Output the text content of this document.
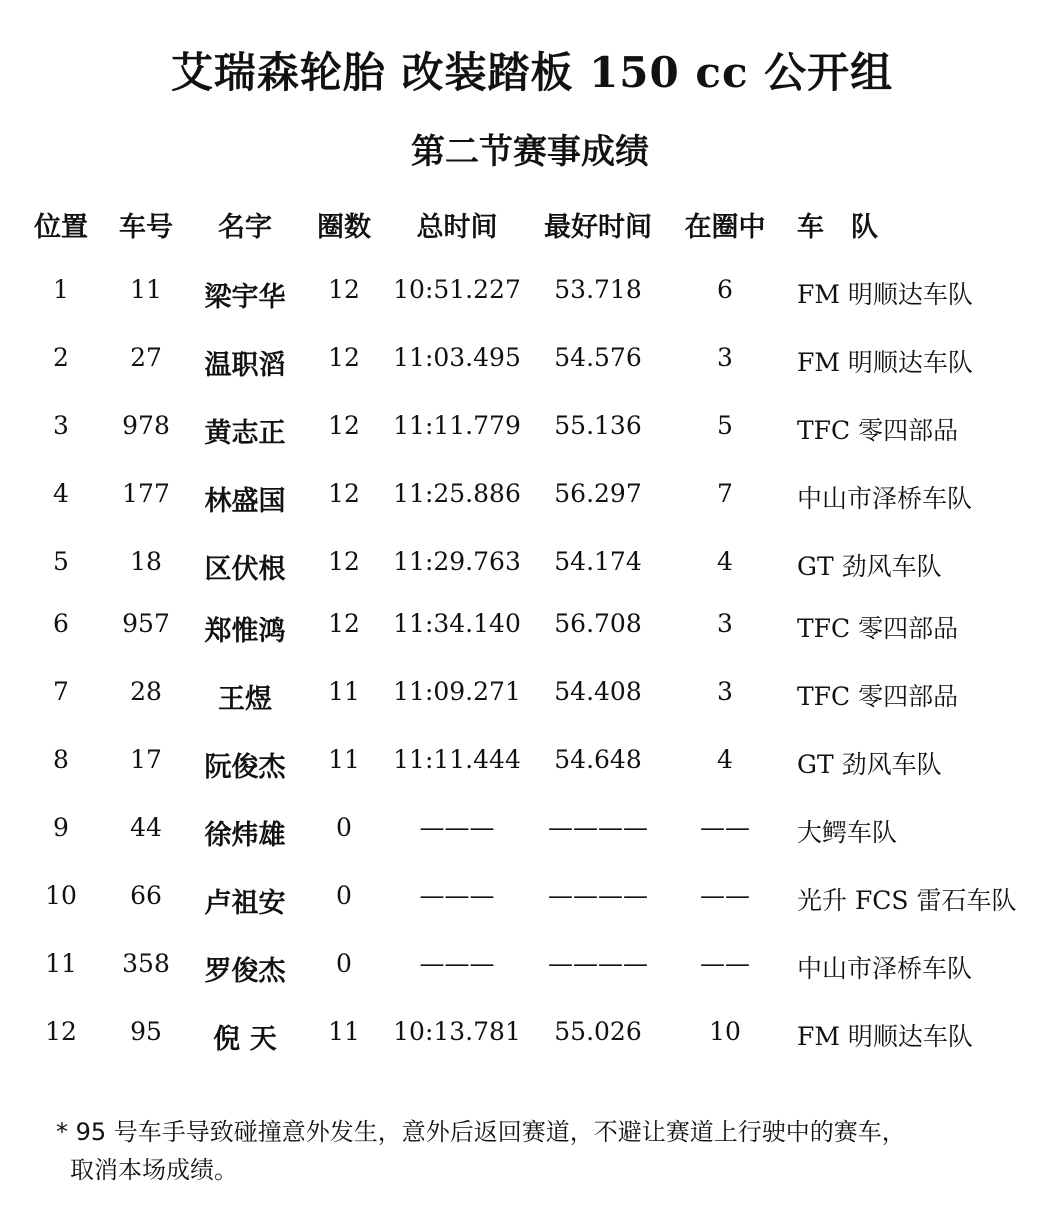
艾瑞森轮胎 改装踏板 150 cc 公开组
第二节赛事成绩
位置 车号 名字 圈数 总时间 最好时间 在圈中 车　队
1 11 梁宇华 12 10:51.227 53.718	6	FM 明顺达车队
2 27 温职滔 12 11:03.495 54.576	3	FM 明顺达车队
3 978 黄志正 12 11:11.779 55.136	5	TFC 零四部品
4 177 林盛国 12 11:25.886 56.297	7	中山市泽桥车队
5 18 区伏根 12 11:29.763 54.174	4	GT 劲风车队
6 957 郑惟鸿 12 11:34.140 56.708	3	TFC 零四部品
7 28 王煜 11 11:09.271 54.408	3	TFC 零四部品
8 17 阮俊杰 11 11:11.444 54.648	4	GT 劲风车队
9 44 徐炜雄 0	——— ———— —— 大鳄车队
10 66 卢祖安 0	——— ———— —— 光升 FCS 雷石车队
11 358 罗俊杰 0	——— ———— —— 中山市泽桥车队
12 95 倪 天 11 10:13.781 55.026	10 FM 明顺达车队
* 95 号车手导致碰撞意外发生，意外后返回赛道，不避让赛道上行驶中的赛车，
取消本场成绩。
